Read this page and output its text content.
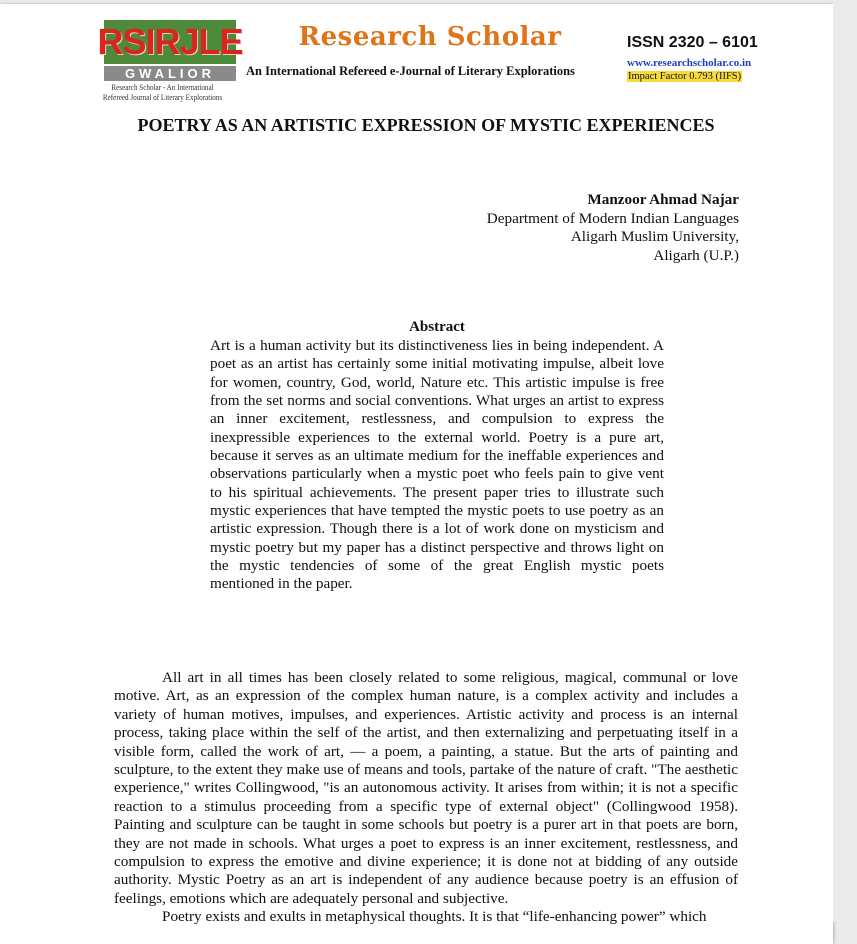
RSIRJLE
GWALIOR
Research Scholar - An International
Refereed Journal of Literary Explorations
Research Scholar
An International Refereed e-Journal of Literary Explorations
ISSN 2320 – 6101
www.researchscholar.co.in
Impact Factor 0.793 (IIFS)
POETRY AS AN ARTISTIC EXPRESSION OF MYSTIC EXPERIENCES
Manzoor Ahmad Najar
Department of Modern Indian Languages
Aligarh Muslim University,
Aligarh (U.P.)
Abstract
Art is a human activity but its distinctiveness lies in being independent. A poet as an artist has certainly some initial motivating impulse, albeit love for women, country, God, world, Nature etc. This artistic impulse is free from the set norms and social conventions. What urges an artist to express an inner excitement, restlessness, and compulsion to express the inexpressible experiences to the external world. Poetry is a pure art, because it serves as an ultimate medium for the ineffable experiences and observations particularly when a mystic poet who feels pain to give vent to his spiritual achievements. The present paper tries to illustrate such mystic experiences that have tempted the mystic poets to use poetry as an artistic expression. Though there is a lot of work done on mysticism and mystic poetry but my paper has a distinct perspective and throws light on the mystic tendencies of some of the great English mystic poets mentioned in the paper.

All art in all times has been closely related to some religious, magical, communal or love motive. Art, as an expression of the complex human nature, is a complex activity and includes a variety of human motives, impulses, and experiences. Artistic activity and process is an internal process, taking place within the self of the artist, and then externalizing and perpetuating itself in a visible form, called the work of art, — a poem, a painting, a statue. But the arts of painting and sculpture, to the extent they make use of means and tools, partake of the nature of craft. "The aesthetic experience," writes Collingwood, "is an autonomous activity. It arises from within; it is not a specific reaction to a stimulus proceeding from a specific type of external object" (Collingwood 1958). Painting and sculpture can be taught in some schools but poetry is a purer art in that poets are born, they are not made in schools. What urges a poet to express is an inner excitement, restlessness, and compulsion to express the emotive and divine experience; it is done not at bidding of any outside authority. Mystic Poetry as an art is independent of any audience because poetry is an effusion of feelings, emotions which are adequately personal and subjective.

Poetry exists and exults in metaphysical thoughts. It is that “life-enhancing power” which
